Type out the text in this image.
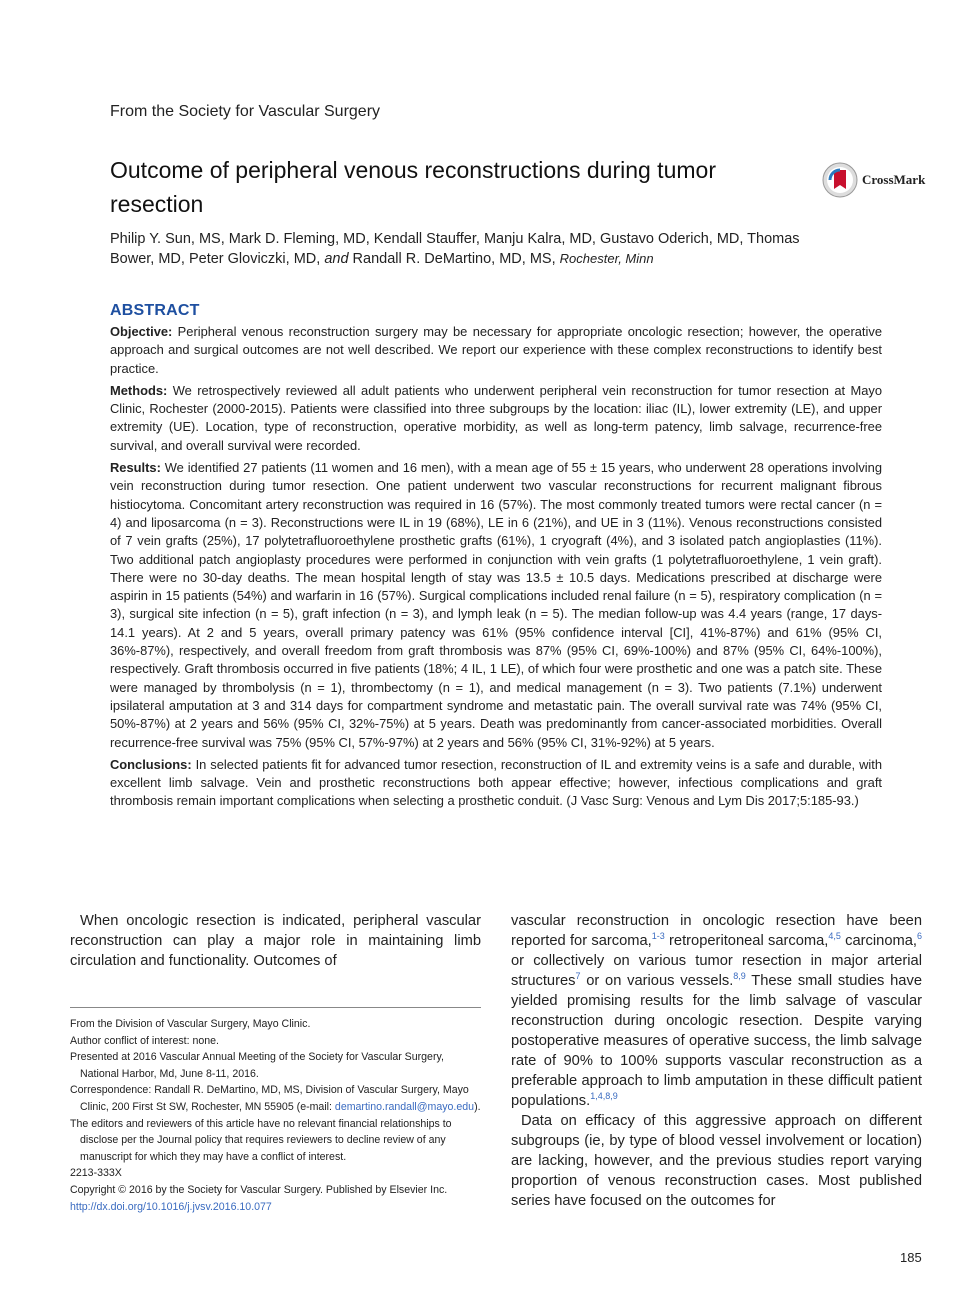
From the Society for Vascular Surgery
Outcome of peripheral venous reconstructions during tumor resection
CrossMark
Philip Y. Sun, MS, Mark D. Fleming, MD, Kendall Stauffer, Manju Kalra, MD, Gustavo Oderich, MD, Thomas Bower, MD, Peter Gloviczki, MD, and Randall R. DeMartino, MD, MS, Rochester, Minn
ABSTRACT

Objective: Peripheral venous reconstruction surgery may be necessary for appropriate oncologic resection; however, the operative approach and surgical outcomes are not well described. We report our experience with these complex reconstructions to identify best practice.

Methods: We retrospectively reviewed all adult patients who underwent peripheral vein reconstruction for tumor resection at Mayo Clinic, Rochester (2000-2015). Patients were classified into three subgroups by the location: iliac (IL), lower extremity (LE), and upper extremity (UE). Location, type of reconstruction, operative morbidity, as well as long-term patency, limb salvage, recurrence-free survival, and overall survival were recorded.

Results: We identified 27 patients (11 women and 16 men), with a mean age of 55 ± 15 years, who underwent 28 operations involving vein reconstruction during tumor resection. One patient underwent two vascular reconstructions for recurrent malignant fibrous histiocytoma. Concomitant artery reconstruction was required in 16 (57%). The most commonly treated tumors were rectal cancer (n = 4) and liposarcoma (n = 3). Reconstructions were IL in 19 (68%), LE in 6 (21%), and UE in 3 (11%). Venous reconstructions consisted of 7 vein grafts (25%), 17 polytetrafluoroethylene prosthetic grafts (61%), 1 cryograft (4%), and 3 isolated patch angioplasties (11%). Two additional patch angioplasty procedures were performed in conjunction with vein grafts (1 polytetrafluoroethylene, 1 vein graft). There were no 30-day deaths. The mean hospital length of stay was 13.5 ± 10.5 days. Medications prescribed at discharge were aspirin in 15 patients (54%) and warfarin in 16 (57%). Surgical complications included renal failure (n = 5), respiratory complication (n = 3), surgical site infection (n = 5), graft infection (n = 3), and lymph leak (n = 5). The median follow-up was 4.4 years (range, 17 days-14.1 years). At 2 and 5 years, overall primary patency was 61% (95% confidence interval [CI], 41%-87%) and 61% (95% CI, 36%-87%), respectively, and overall freedom from graft thrombosis was 87% (95% CI, 69%-100%) and 87% (95% CI, 64%-100%), respectively. Graft thrombosis occurred in five patients (18%; 4 IL, 1 LE), of which four were prosthetic and one was a patch site. These were managed by thrombolysis (n = 1), thrombectomy (n = 1), and medical management (n = 3). Two patients (7.1%) underwent ipsilateral amputation at 3 and 314 days for compartment syndrome and metastatic pain. The overall survival rate was 74% (95% CI, 50%-87%) at 2 years and 56% (95% CI, 32%-75%) at 5 years. Death was predominantly from cancer-associated morbidities. Overall recurrence-free survival was 75% (95% CI, 57%-97%) at 2 years and 56% (95% CI, 31%-92%) at 5 years.

Conclusions: In selected patients fit for advanced tumor resection, reconstruction of IL and extremity veins is a safe and durable, with excellent limb salvage. Vein and prosthetic reconstructions both appear effective; however, infectious complications and graft thrombosis remain important complications when selecting a prosthetic conduit. (J Vasc Surg: Venous and Lym Dis 2017;5:185-93.)

When oncologic resection is indicated, peripheral vascular reconstruction can play a major role in maintaining limb circulation and functionality. Outcomes of

From the Division of Vascular Surgery, Mayo Clinic.

Author conflict of interest: none.

Presented at 2016 Vascular Annual Meeting of the Society for Vascular Surgery, National Harbor, Md, June 8-11, 2016.

Correspondence: Randall R. DeMartino, MD, MS, Division of Vascular Surgery, Mayo Clinic, 200 First St SW, Rochester, MN 55905 (e-mail: demartino.randall@mayo.edu).

The editors and reviewers of this article have no relevant financial relationships to disclose per the Journal policy that requires reviewers to decline review of any manuscript for which they may have a conflict of interest.

2213-333X

Copyright © 2016 by the Society for Vascular Surgery. Published by Elsevier Inc.

http://dx.doi.org/10.1016/j.jvsv.2016.10.077

vascular reconstruction in oncologic resection have been reported for sarcoma,$^{1-3}$ retroperitoneal sarcoma,$^{4,5}$ carcinoma,$^6$ or collectively on various tumor resection in major arterial structures$^7$ or on various vessels.$^{8,9}$ These small studies have yielded promising results for the limb salvage of vascular reconstruction during oncologic resection. Despite varying postoperative measures of operative success, the limb salvage rate of 90% to 100% supports vascular reconstruction as a preferable approach to limb amputation in these difficult patient populations.$^{1,4,8,9}$

Data on efficacy of this aggressive approach on different subgroups (ie, by type of blood vessel involvement or location) are lacking, however, and the previous studies report varying proportion of venous reconstruction cases. Most published series have focused on the outcomes for

185
